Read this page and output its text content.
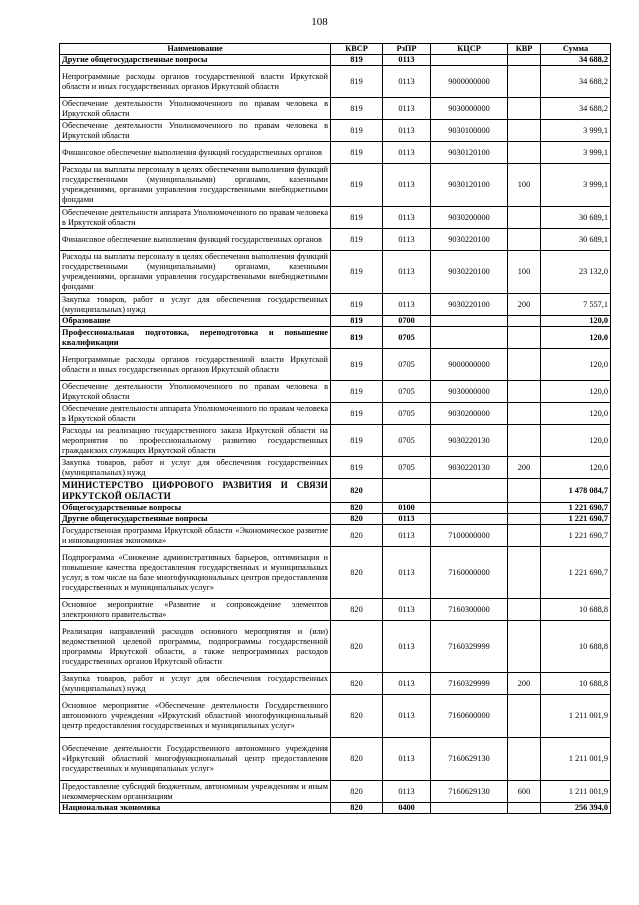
108
Наименование	КВСР	РзПР	КЦСР	КВР	Сумма
Другие общегосударственные вопросы	819	0113			34 688,2
Непрограммные расходы органов государственной власти Иркутской области и иных государственных органов Иркутской области	819	0113	9000000000		34 688,2
Обеспечение деятельности Уполномоченного по правам человека в Иркутской области	819	0113	9030000000		34 688,2
Обеспечение деятельности Уполномоченного по правам человека в Иркутской области	819	0113	9030100000		3 999,1
Финансовое обеспечение выполнения функций государственных органов	819	0113	9030120100		3 999,1
Расходы на выплаты персоналу в целях обеспечения выполнения функций государственными (муниципальными) органами, казенными учреждениями, органами управления государственными внебюджетными фондами	819	0113	9030120100	100	3 999,1
Обеспечение деятельности аппарата Уполномоченного по правам человека в Иркутской области	819	0113	9030200000		30 689,1
Финансовое обеспечение выполнения функций государственных органов	819	0113	9030220100		30 689,1
Расходы на выплаты персоналу в целях обеспечения выполнения функций государственными (муниципальными) органами, казенными учреждениями, органами управления государственными внебюджетными фондами	819	0113	9030220100	100	23 132,0
Закупка товаров, работ и услуг для обеспечения государственных (муниципальных) нужд	819	0113	9030220100	200	7 557,1
Образование	819	0700			120,0
Профессиональная подготовка, переподготовка и повышение квалификации	819	0705			120,0
Непрограммные расходы органов государственной власти Иркутской области и иных государственных органов Иркутской области	819	0705	9000000000		120,0
Обеспечение деятельности Уполномоченного по правам человека в Иркутской области	819	0705	9030000000		120,0
Обеспечение деятельности аппарата Уполномоченного по правам человека в Иркутской области	819	0705	9030200000		120,0
Расходы на реализацию государственного заказа Иркутской области на мероприятия по профессиональному развитию государственных гражданских служащих Иркутской области	819	0705	9030220130		120,0
Закупка товаров, работ и услуг для обеспечения государственных (муниципальных) нужд	819	0705	9030220130	200	120,0
МИНИСТЕРСТВО ЦИФРОВОГО РАЗВИТИЯ И СВЯЗИ ИРКУТСКОЙ ОБЛАСТИ	820				1 478 084,7
Общегосударственные вопросы	820	0100			1 221 690,7
Другие общегосударственные вопросы	820	0113			1 221 690,7
Государственная программа Иркутской области «Экономическое развитие и инновационная экономика»	820	0113	7100000000		1 221 690,7
Подпрограмма «Снижение административных барьеров, оптимизация и повышение качества предоставления государственных и муниципальных услуг, в том числе на базе многофункциональных центров предоставления государственных и муниципальных услуг»	820	0113	7160000000		1 221 690,7
Основное мероприятие «Развитие и сопровождение элементов электронного правительства»	820	0113	7160300000		10 688,8
Реализация направлений расходов основного мероприятия и (или) ведомственной целевой программы, подпрограммы государственной программы Иркутской области, а также непрограммных расходов государственных органов Иркутской области	820	0113	7160329999		10 688,8
Закупка товаров, работ и услуг для обеспечения государственных (муниципальных) нужд	820	0113	7160329999	200	10 688,8
Основное мероприятие «Обеспечение деятельности Государственного автономного учреждения «Иркутский областной многофункциональный центр предоставления государственных и муниципальных услуг»	820	0113	7160600000		1 211 001,9
Обеспечение деятельности Государственного автономного учреждения «Иркутский областной многофункциональный центр предоставления государственных и муниципальных услуг»	820	0113	7160629130		1 211 001,9
Предоставление субсидий бюджетным, автономным учреждениям и иным некоммерческим организациям	820	0113	7160629130	600	1 211 001,9
Национальная экономика	820	0400			256 394,0
